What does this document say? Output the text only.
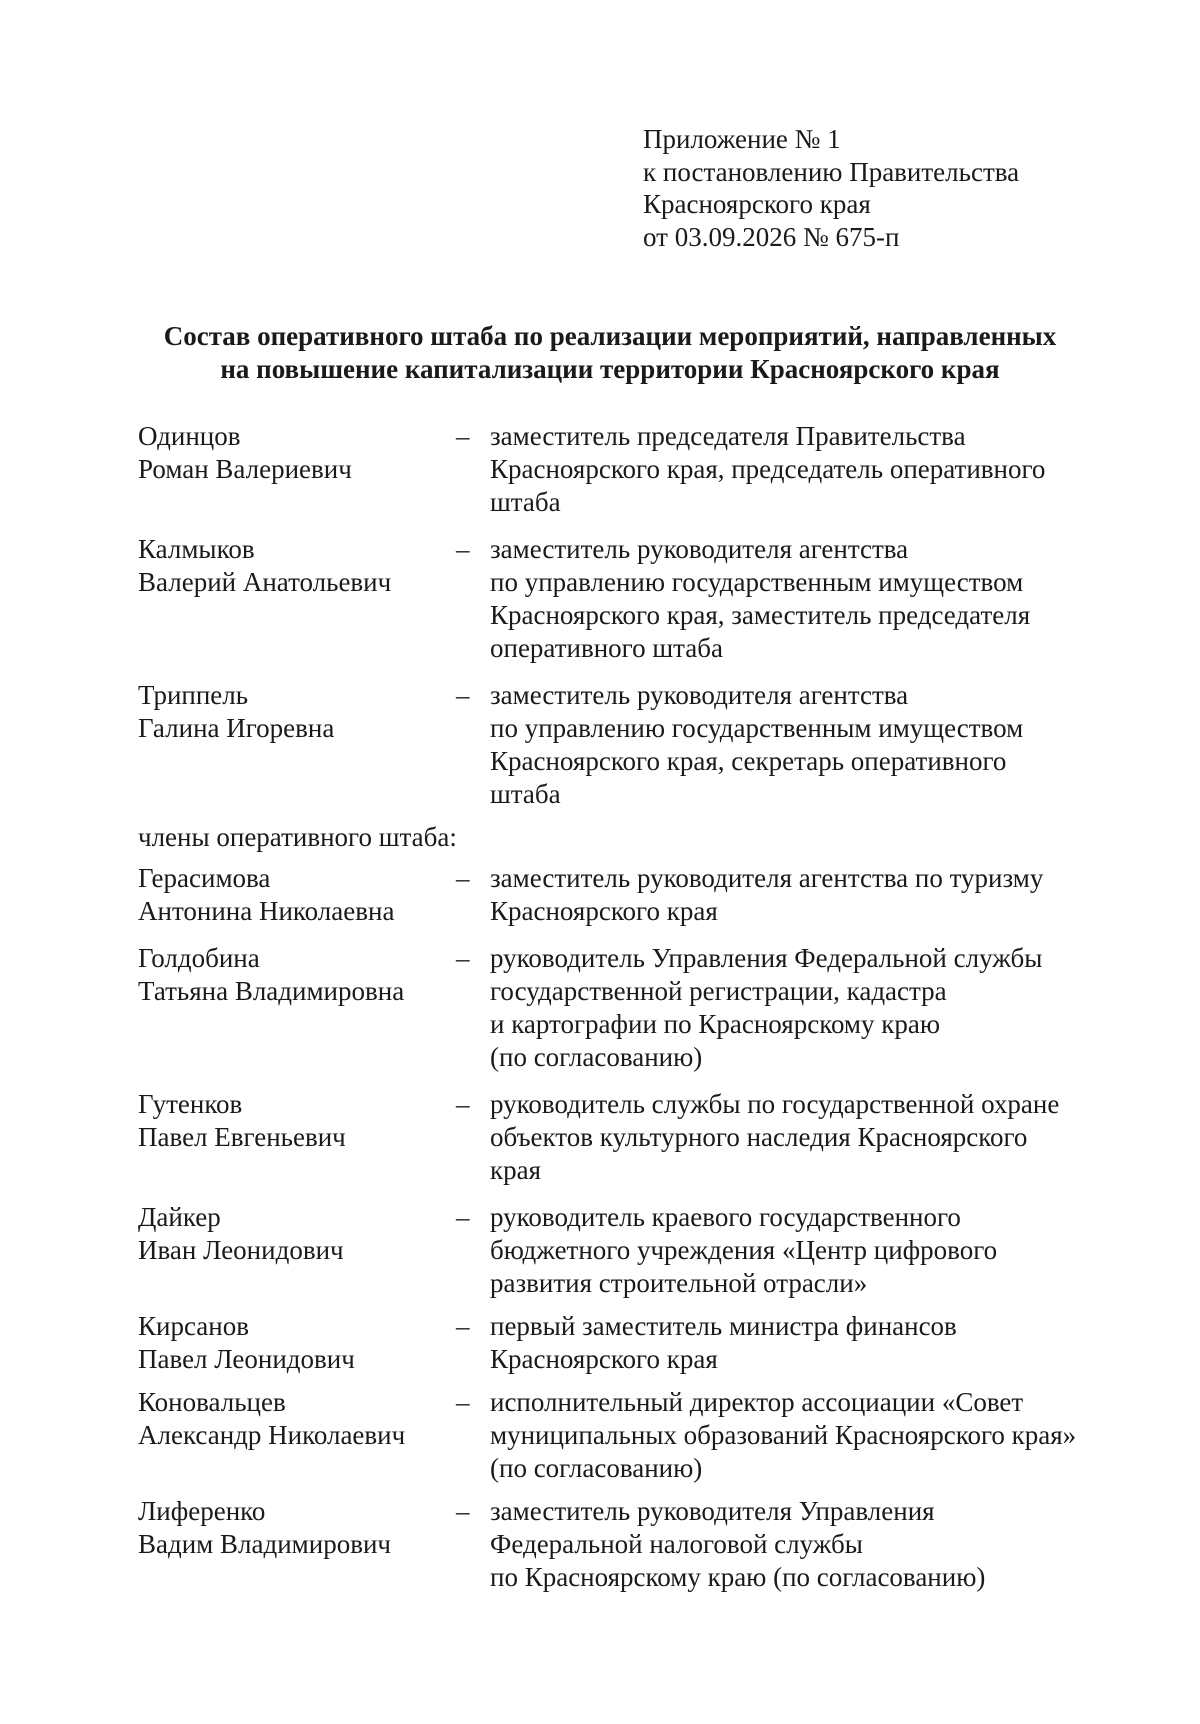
Приложение № 1
к постановлению Правительства
Красноярского края
от 03.09.2026 № 675-п
Состав оперативного штаба по реализации мероприятий, направленных
на повышение капитализации территории Красноярского края
Одинцов
Роман Валериевич
– заместитель председателя Правительства
Красноярского края, председатель оперативного
штаба
Калмыков
Валерий Анатольевич
– заместитель руководителя агентства
по управлению государственным имуществом
Красноярского края, заместитель председателя
оперативного штаба
Триппель
Галина Игоревна
– заместитель руководителя агентства
по управлению государственным имуществом
Красноярского края, секретарь оперативного
штаба
члены оперативного штаба:
Герасимова
Антонина Николаевна
– заместитель руководителя агентства по туризму
Красноярского края
Голдобина
Татьяна Владимировна
– руководитель Управления Федеральной службы
государственной регистрации, кадастра
и картографии по Красноярскому краю
(по согласованию)
Гутенков
Павел Евгеньевич
– руководитель службы по государственной охране
объектов культурного наследия Красноярского
края
Дайкер
Иван Леонидович
– руководитель краевого государственного
бюджетного учреждения «Центр цифрового
развития строительной отрасли»
Кирсанов
Павел Леонидович
– первый заместитель министра финансов
Красноярского края
Коновальцев
Александр Николаевич
– исполнительный директор ассоциации «Совет
муниципальных образований Красноярского края»
(по согласованию)
Лиференко
Вадим Владимирович
– заместитель руководителя Управления
Федеральной налоговой службы
по Красноярскому краю (по согласованию)
